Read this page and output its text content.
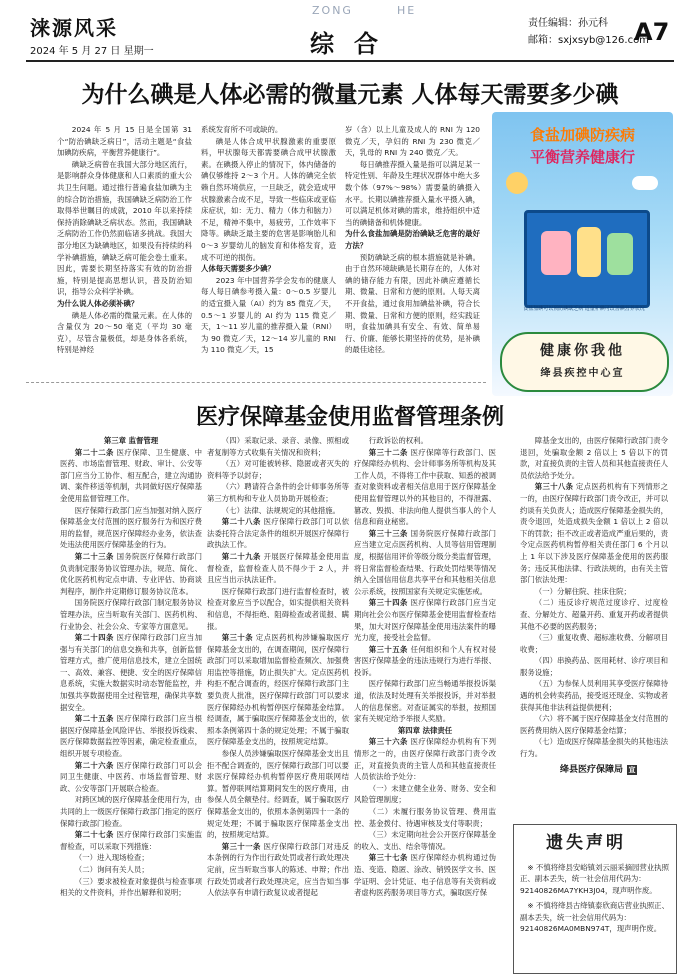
涞源风采
2024 年 5 月 27 日 星期一
ZONG	HE
综合
责任编辑：孙元科
邮箱：sxjxsyb@126.com
A7
为什么碘是人体必需的微量元素 人体每天需要多少碘

2024 年 5 月 15 日是全国第 31 个“防治碘缺乏病日”，活动主题是“食盐加碘防疾病，平衡营养健康行”。

碘缺乏病曾在我国大部分地区流行，是影响群众身体健康和人口素质的重大公共卫生问题。通过推行普遍食盐加碘为主的综合防治措施，我国碘缺乏病防治工作取得举世瞩目的成就，2010 年以来持续保持消除碘缺乏病状态。然而，我国碘缺乏病防治工作仍然面临诸多挑战。我国大部分地区为缺碘地区，如果没有持续的科学补碘措施，碘缺乏病可能会卷土重来。因此，需要长期坚持落实有效的防治措施，特别是提高思想认识，普及防治知识，指导公众科学补碘。

为什么说人体必须补碘？

碘是人体必需的微量元素。在人体的含量仅为 20～50 毫克（平均 30 毫克），尽管含量极低，却是身体各系统，特别是神经

系统发育所不可或缺的。

碘是人体合成甲状腺激素的重要原料，甲状腺每天都需要碘合成甲状腺激素。在碘摄入停止的情况下，体内储备的碘仅够维持 2～3 个月。人体的碘完全依赖自然环境供应，一旦缺乏，就会造成甲状腺激素合成不足，导致一些临床或亚临床症状，如：无力、精力（体力和脑力）不足，精神不集中，易疲劳，工作效率下降等。碘缺乏最主要的危害是影响胎儿和 0～3 岁婴幼儿的脑发育和体格发育，造成不可逆的损伤。

人体每天需要多少碘？

2023 年中国营养学会发布的健康人每人每日碘参考摄入量：0～0.5 岁婴儿的适宜摄入量（AI）约为 85 微克／天，0.5～1 岁婴儿的 AI 约为 115 微克／天，1～11 岁儿童的推荐摄入量（RNI）为 90 微克／天，12～14 岁儿童的 RNI 为 110 微克／天，15

岁（含）以上儿童及成人的 RNI 为 120 微克／天，孕妇的 RNI 为 230 微克／天，乳母的 RNI 为 240 微克／天。

每日碘推荐摄入量是指可以满足某一特定性别、年龄及生理状况群体中绝大多数个体（97%～98%）需要量的碘摄入水平。长期以碘推荐摄入量水平摄入碘，可以满足机体对碘的需求，维持组织中适当的碘储备和机体健康。

为什么食盐加碘是防治碘缺乏危害的最好方法？

预防碘缺乏病的根本措施就是补碘。由于自然环境缺碘是长期存在的，人体对碘的储存能力有限，因此补碘应遵循长期、微量、日常和方便的原则。人每天离不开食盐，通过食用加碘盐补碘，符合长期、微量、日常和方便的原则，经实践证明，食盐加碘具有安全、有效、简单易行、价廉、能够长期坚持的优势，是补碘的最佳途径。

食盐加碘防疾病
平衡营养健康行
食盐加碘可以预防碘缺乏病 适量补碘可改善碘营养状况
健康你我他
绛县疾控中心宣
医疗保障基金使用监督管理条例

第三章 监督管理

第二十二条 医疗保障、卫生健康、中医药、市场监督管理、财政、审计、公安等部门应当分工协作、相互配合，建立沟通协调、案件移送等机制，共同做好医疗保障基金使用监督管理工作。

医疗保障行政部门应当加强对纳入医疗保障基金支付范围的医疗服务行为和医疗费用的监督，规范医疗保障经办业务，依法查处违法使用医疗保障基金的行为。

第二十三条 国务院医疗保障行政部门负责制定服务协议管理办法，规范、简化、优化医药机构定点申请、专业评估、协商谈判程序，制作并定期修订服务协议范本。

国务院医疗保障行政部门制定服务协议管理办法，应当听取有关部门、医药机构、行业协会、社会公众、专家等方面意见。

第二十四条 医疗保障行政部门应当加强与有关部门的信息交换和共享，创新监督管理方式，推广使用信息技术，建立全国统一、高效、兼容、便捷、安全的医疗保障信息系统，实施大数据实时动态智能监控，并加强共享数据使用全过程管理，确保共享数据安全。

第二十五条 医疗保障行政部门应当根据医疗保障基金风险评估、举报投诉线索、医疗保障数据监控等因素，确定检查重点，组织开展专项检查。

第二十六条 医疗保障行政部门可以会同卫生健康、中医药、市场监督管理、财政、公安等部门开展联合检查。

对跨区域的医疗保障基金使用行为，由共同的上一级医疗保障行政部门指定的医疗保障行政部门检查。

第二十七条 医疗保障行政部门实施监督检查，可以采取下列措施：

（一）进入现场检查；

（二）询问有关人员；

（三）要求被检查对象提供与检查事项相关的文件资料，并作出解释和说明；

（四）采取记录、录音、录像、照相或者复制等方式收集有关情况和资料；

（五）对可能被转移、隐匿或者灭失的资料等予以封存；

（六）聘请符合条件的会计师事务所等第三方机构和专业人员协助开展检查；

（七）法律、法规规定的其他措施。

第二十八条 医疗保障行政部门可以依法委托符合法定条件的组织开展医疗保障行政执法工作。

第二十九条 开展医疗保障基金使用监督检查，监督检查人员不得少于 2 人，并且应当出示执法证件。

医疗保障行政部门进行监督检查时，被检查对象应当予以配合，如实提供相关资料和信息，不得拒绝、阻碍检查或者谎报、瞒报。

第三十条 定点医药机构涉嫌骗取医疗保障基金支出的，在调查期间，医疗保障行政部门可以采取增加监督检查频次、加强费用监控等措施，防止损失扩大。定点医药机构拒不配合调查的，经医疗保障行政部门主要负责人批准，医疗保障行政部门可以要求医疗保障经办机构暂停医疗保障基金结算。经调查，属于骗取医疗保障基金支出的，依照本条例第四十条的规定处理；不属于骗取医疗保障基金支出的，按照规定结算。

参保人员涉嫌骗取医疗保障基金支出且拒不配合调查的，医疗保障行政部门可以要求医疗保障经办机构暂停医疗费用联网结算。暂停联网结算期间发生的医疗费用，由参保人员全额垫付。经调查，属于骗取医疗保障基金支出的，依照本条例第四十一条的规定处理；不属于骗取医疗保障基金支出的，按照规定结算。

第三十一条 医疗保障行政部门对违反本条例的行为作出行政处罚或者行政处理决定前，应当听取当事人的陈述、申辩；作出行政处罚或者行政处理决定，应当告知当事人依法享有申请行政复议或者提起

行政诉讼的权利。

第三十二条 医疗保障等行政部门、医疗保障经办机构、会计师事务所等机构及其工作人员，不得将工作中获取、知悉的被调查对象资料或者相关信息用于医疗保障基金使用监督管理以外的其他目的，不得泄露、篡改、毁损、非法向他人提供当事人的个人信息和商业秘密。

第三十三条 国务院医疗保障行政部门应当建立定点医药机构、人员等信用管理制度，根据信用评价等级分级分类监督管理，将日常监督检查结果、行政处罚结果等情况纳入全国信用信息共享平台和其他相关信息公示系统，按照国家有关规定实施惩戒。

第三十四条 医疗保障行政部门应当定期向社会公布医疗保障基金使用监督检查结果，加大对医疗保障基金使用违法案件的曝光力度，接受社会监督。

第三十五条 任何组织和个人有权对侵害医疗保障基金的违法违规行为进行举报、投诉。

医疗保障行政部门应当畅通举报投诉渠道，依法及时处理有关举报投诉，并对举报人的信息保密。对查证属实的举报，按照国家有关规定给予举报人奖励。

第四章 法律责任

第三十六条 医疗保障经办机构有下列情形之一的，由医疗保障行政部门责令改正，对直接负责的主管人员和其他直接责任人员依法给予处分：

（一）未建立健全业务、财务、安全和风险管理制度；

（二）未履行服务协议管理、费用监控、基金拨付、待遇审核及支付等职责；

（三）未定期向社会公开医疗保障基金的收入、支出、结余等情况。

第三十七条 医疗保障经办机构通过伪造、变造、隐匿、涂改、销毁医学文书、医学证明、会计凭证、电子信息等有关资料或者虚构医药服务项目等方式，骗取医疗保

障基金支出的，由医疗保障行政部门责令退回，处骗取金额 2 倍以上 5 倍以下的罚款，对直接负责的主管人员和其他直接责任人员依法给予处分。

第三十八条 定点医药机构有下列情形之一的，由医疗保障行政部门责令改正，并可以约谈有关负责人；造成医疗保障基金损失的，责令退回，处造成损失金额 1 倍以上 2 倍以下的罚款；拒不改正或者造成严重后果的，责令定点医药机构暂停相关责任部门 6 个月以上 1 年以下涉及医疗保障基金使用的医药服务；违反其他法律、行政法规的，由有关主管部门依法处理：

（一）分解住院、挂床住院；

（二）违反诊疗规范过度诊疗、过度检查、分解处方、超量开药、重复开药或者提供其他不必要的医药服务；

（三）重复收费、超标准收费、分解项目收费；

（四）串换药品、医用耗材、诊疗项目和服务设施；

（五）为参保人员利用其享受医疗保障待遇的机会转卖药品，接受返还现金、实物或者获得其他非法利益提供便利；

（六）将不属于医疗保障基金支付范围的医药费用纳入医疗保障基金结算；

（七）造成医疗保障基金损失的其他违法行为。

绛县医疗保障局 宣
遗失声明

※ 不慎将绛县安峪镇刘云丽采摘园营业执照正、副本丢失，统一社会信用代码为：92140826MA7YKH3J04，现声明作废。

※ 不慎将绛县古绛镇泰欣商店营业执照正、副本丢失，统一社会信用代码为：92140826MA0MBN974T，现声明作废。
